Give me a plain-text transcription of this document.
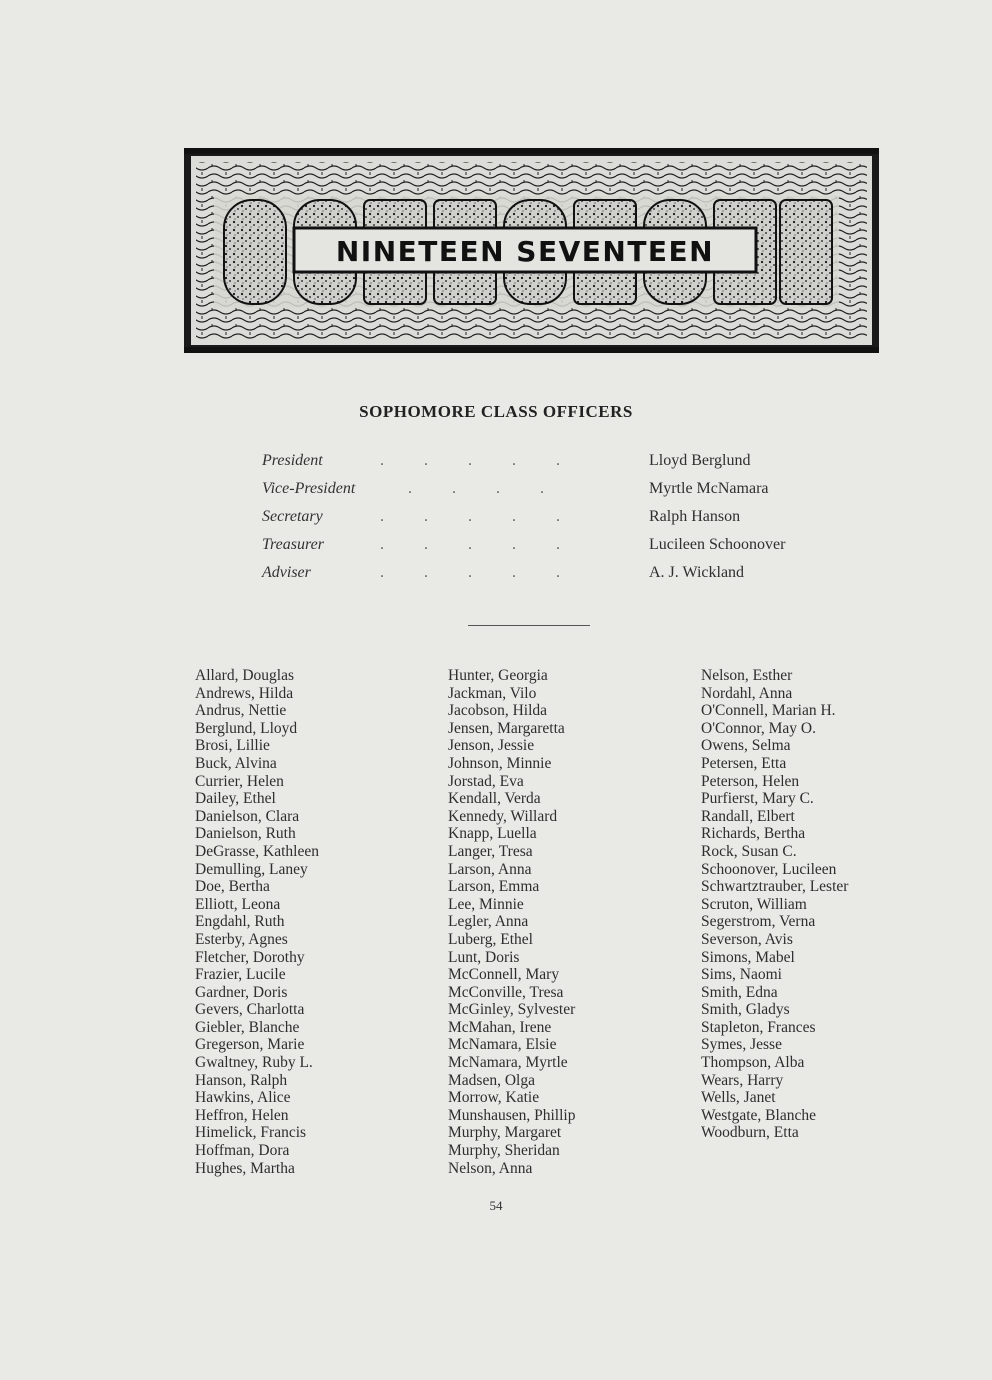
NINETEEN SEVENTEEN
SOPHOMORE CLASS OFFICERS
President	.          .          .          .          .	Lloyd Berglund
Vice-President .          .          .          .	Myrtle McNamara
Secretary	.          .          .          .          .	Ralph Hanson
Treasurer	.          .          .          .          .	Lucileen Schoonover
Adviser	.          .          .          .          .	A. J. Wickland
Allard, Douglas
Andrews, Hilda
Andrus, Nettie
Berglund, Lloyd
Brosi, Lillie
Buck, Alvina
Currier, Helen
Dailey, Ethel
Danielson, Clara
Danielson, Ruth
DeGrasse, Kathleen
Demulling, Laney
Doe, Bertha
Elliott, Leona
Engdahl, Ruth
Esterby, Agnes
Fletcher, Dorothy
Frazier, Lucile
Gardner, Doris
Gevers, Charlotta
Giebler, Blanche
Gregerson, Marie
Gwaltney, Ruby L.
Hanson, Ralph
Hawkins, Alice
Heffron, Helen
Himelick, Francis
Hoffman, Dora
Hughes, Martha
Hunter, Georgia
Jackman, Vilo
Jacobson, Hilda
Jensen, Margaretta
Jenson, Jessie
Johnson, Minnie
Jorstad, Eva
Kendall, Verda
Kennedy, Willard
Knapp, Luella
Langer, Tresa
Larson, Anna
Larson, Emma
Lee, Minnie
Legler, Anna
Luberg, Ethel
Lunt, Doris
McConnell, Mary
McConville, Tresa
McGinley, Sylvester
McMahan, Irene
McNamara, Elsie
McNamara, Myrtle
Madsen, Olga
Morrow, Katie
Munshausen, Phillip
Murphy, Margaret
Murphy, Sheridan
Nelson, Anna
Nelson, Esther
Nordahl, Anna
O'Connell, Marian H.
O'Connor, May O.
Owens, Selma
Petersen, Etta
Peterson, Helen
Purfierst, Mary C.
Randall, Elbert
Richards, Bertha
Rock, Susan C.
Schoonover, Lucileen
Schwartztrauber, Lester
Scruton, William
Segerstrom, Verna
Severson, Avis
Simons, Mabel
Sims, Naomi
Smith, Edna
Smith, Gladys
Stapleton, Frances
Symes, Jesse
Thompson, Alba
Wears, Harry
Wells, Janet
Westgate, Blanche
Woodburn, Etta
54
